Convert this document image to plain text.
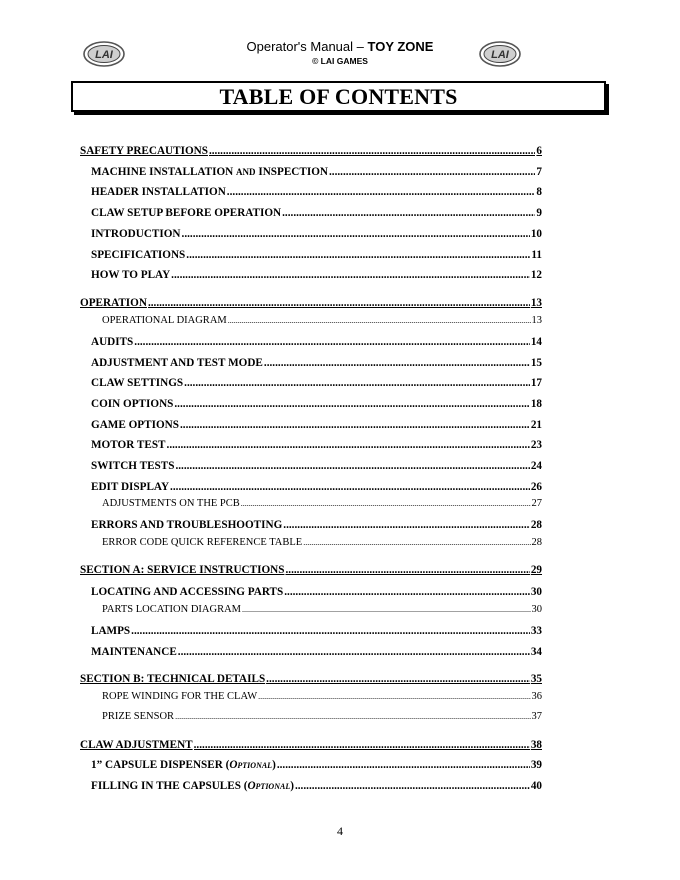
LAI	LAI
Operator's Manual – TOY ZONE
© LAI GAMES
TABLE OF CONTENTS
SAFETY PRECAUTIONS .....	6
MACHINE INSTALLATION AND INSPECTION .....	7
HEADER INSTALLATION .....	8
CLAW SETUP BEFORE OPERATION .....	9
INTRODUCTION .....	10
SPECIFICATIONS .....	11
HOW TO PLAY .....	12
OPERATION .....	13
OPERATIONAL DIAGRAM .....	13
AUDITS .....	14
ADJUSTMENT AND TEST MODE .....	15
CLAW SETTINGS .....	17
COIN OPTIONS .....	18
GAME OPTIONS .....	21
MOTOR TEST .....	23
SWITCH TESTS .....	24
EDIT DISPLAY .....	26
ADJUSTMENTS ON THE PCB .....	27
ERRORS AND TROUBLESHOOTING .....	28
ERROR CODE QUICK REFERENCE TABLE .....	28
SECTION A: SERVICE INSTRUCTIONS .....	29
LOCATING AND ACCESSING PARTS .....	30
PARTS LOCATION DIAGRAM .....	30
LAMPS .....	33
MAINTENANCE .....	34
SECTION B: TECHNICAL DETAILS .....	35
ROPE WINDING FOR THE CLAW .....	36
PRIZE SENSOR .....	37
CLAW ADJUSTMENT .....	38
1” CAPSULE DISPENSER (Optional) .....	39
FILLING IN THE CAPSULES (Optional) .....	40
4
